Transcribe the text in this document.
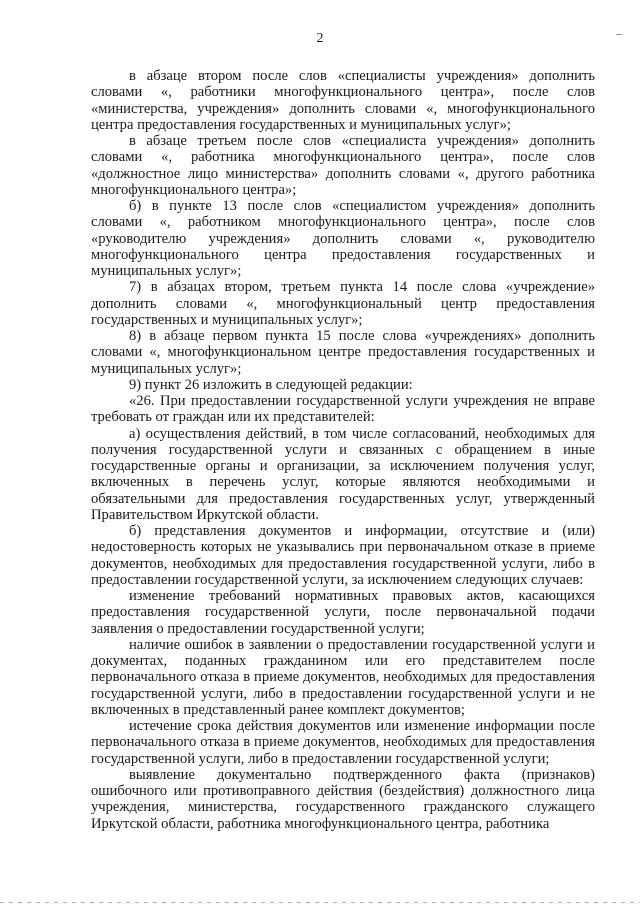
2

в абзаце втором после слов «специалисты учреждения» дополнить словами «, работники многофункционального центра», после слов «министерства, учреждения» дополнить словами «, многофункционального центра предоставления государственных и муниципальных услуг»;

в абзаце третьем после слов «специалиста учреждения» дополнить словами «, работника многофункционального центра», после слов «должностное лицо министерства» дополнить словами «, другого работника многофункционального центра»;

б) в пункте 13 после слов «специалистом учреждения» дополнить словами «, работником многофункционального центра», после слов «руководителю учреждения» дополнить словами «, руководителю многофункционального центра предоставления государственных и муниципальных услуг»;

7) в абзацах втором, третьем пункта 14 после слова «учреждение» дополнить словами «, многофункциональный центр предоставления государственных и муниципальных услуг»;

8) в абзаце первом пункта 15 после слова «учреждениях» дополнить словами «, многофункциональном центре предоставления государственных и муниципальных услуг»;

9) пункт 26 изложить в следующей редакции:

«26. При предоставлении государственной услуги учреждения не вправе требовать от граждан или их представителей:

а) осуществления действий, в том числе согласований, необходимых для получения государственной услуги и связанных с обращением в иные государственные органы и организации, за исключением получения услуг, включенных в перечень услуг, которые являются необходимыми и обязательными для предоставления государственных услуг, утвержденный Правительством Иркутской области.

б) представления документов и информации, отсутствие и (или) недостоверность которых не указывались при первоначальном отказе в приеме документов, необходимых для предоставления государственной услуги, либо в предоставлении государственной услуги, за исключением следующих случаев:

изменение требований нормативных правовых актов, касающихся предоставления государственной услуги, после первоначальной подачи заявления о предоставлении государственной услуги;

наличие ошибок в заявлении о предоставлении государственной услуги и документах, поданных гражданином или его представителем после первоначального отказа в приеме документов, необходимых для предоставления государственной услуги, либо в предоставлении государственной услуги и не включенных в представленный ранее комплект документов;

истечение срока действия документов или изменение информации после первоначального отказа в приеме документов, необходимых для предоставления государственной услуги, либо в предоставлении государственной услуги;

выявление документально подтвержденного факта (признаков) ошибочного или противоправного действия (бездействия) должностного лица учреждения, министерства, государственного гражданского служащего Иркутской области, работника многофункционального центра, работника
